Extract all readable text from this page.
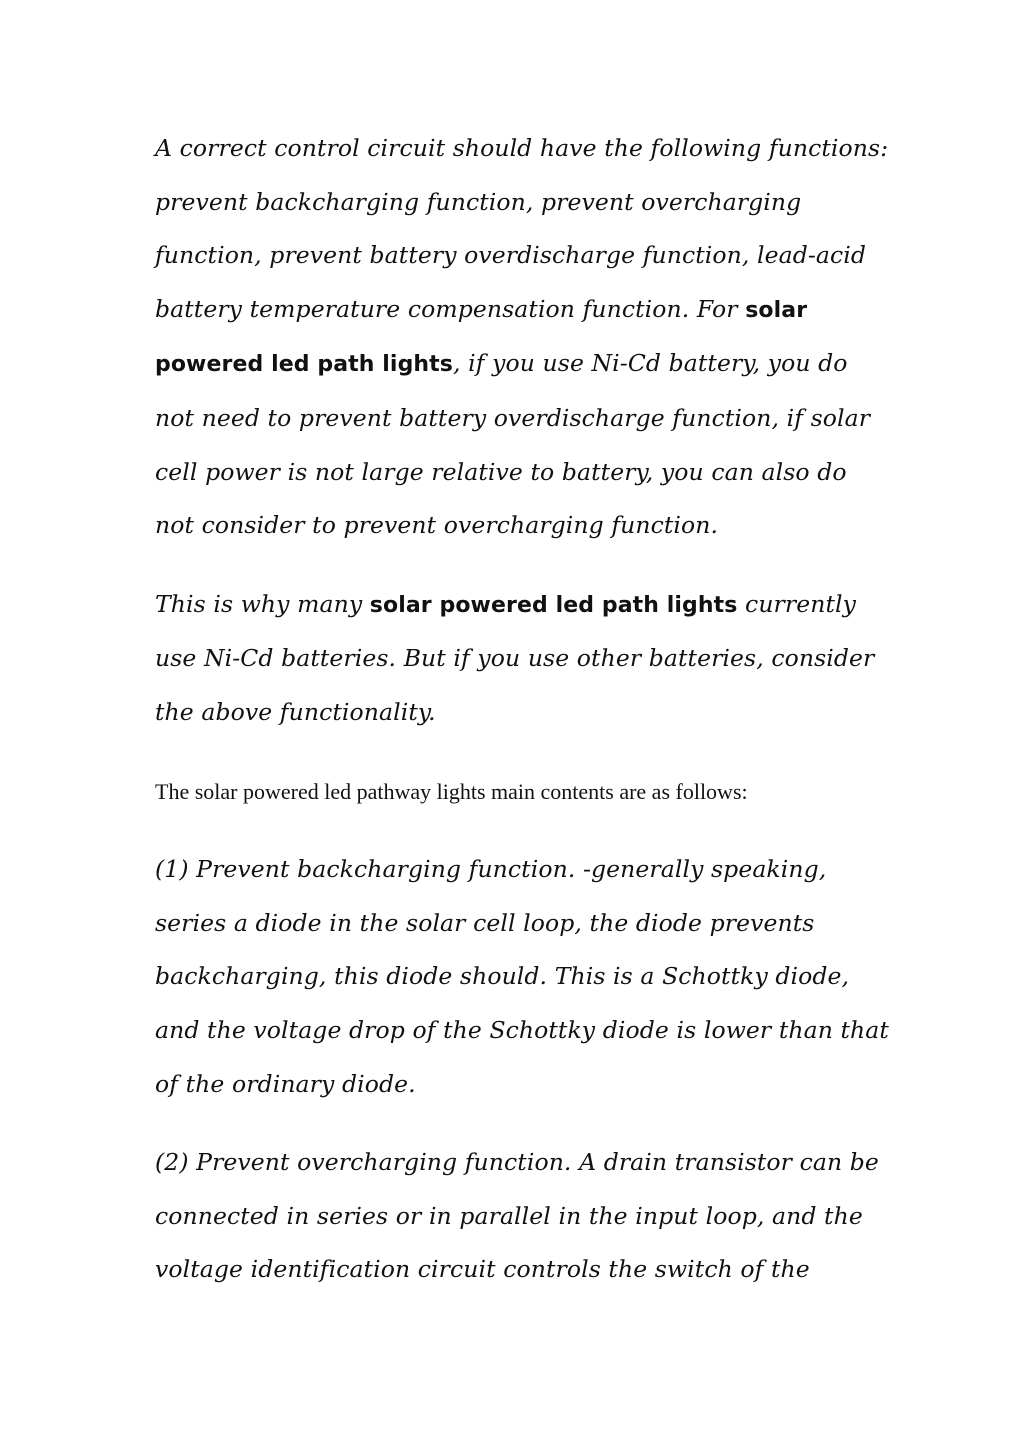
A correct control circuit should have the following functions: prevent backcharging function, prevent overcharging function, prevent battery overdischarge function, lead-acid battery temperature compensation function. For solar powered led path lights, if you use Ni-Cd battery, you do not need to prevent battery overdischarge function, if solar cell power is not large relative to battery, you can also do not consider to prevent overcharging function.

This is why many solar powered led path lights currently use Ni-Cd batteries. But if you use other batteries, consider the above functionality.

The solar powered led pathway lights main contents are as follows:

(1) Prevent backcharging function. -generally speaking, series a diode in the solar cell loop, the diode prevents backcharging, this diode should. This is a Schottky diode, and the voltage drop of the Schottky diode is lower than that of the ordinary diode.

(2) Prevent overcharging function. A drain transistor can be connected in series or in parallel in the input loop, and the voltage identification circuit controls the switch of the
